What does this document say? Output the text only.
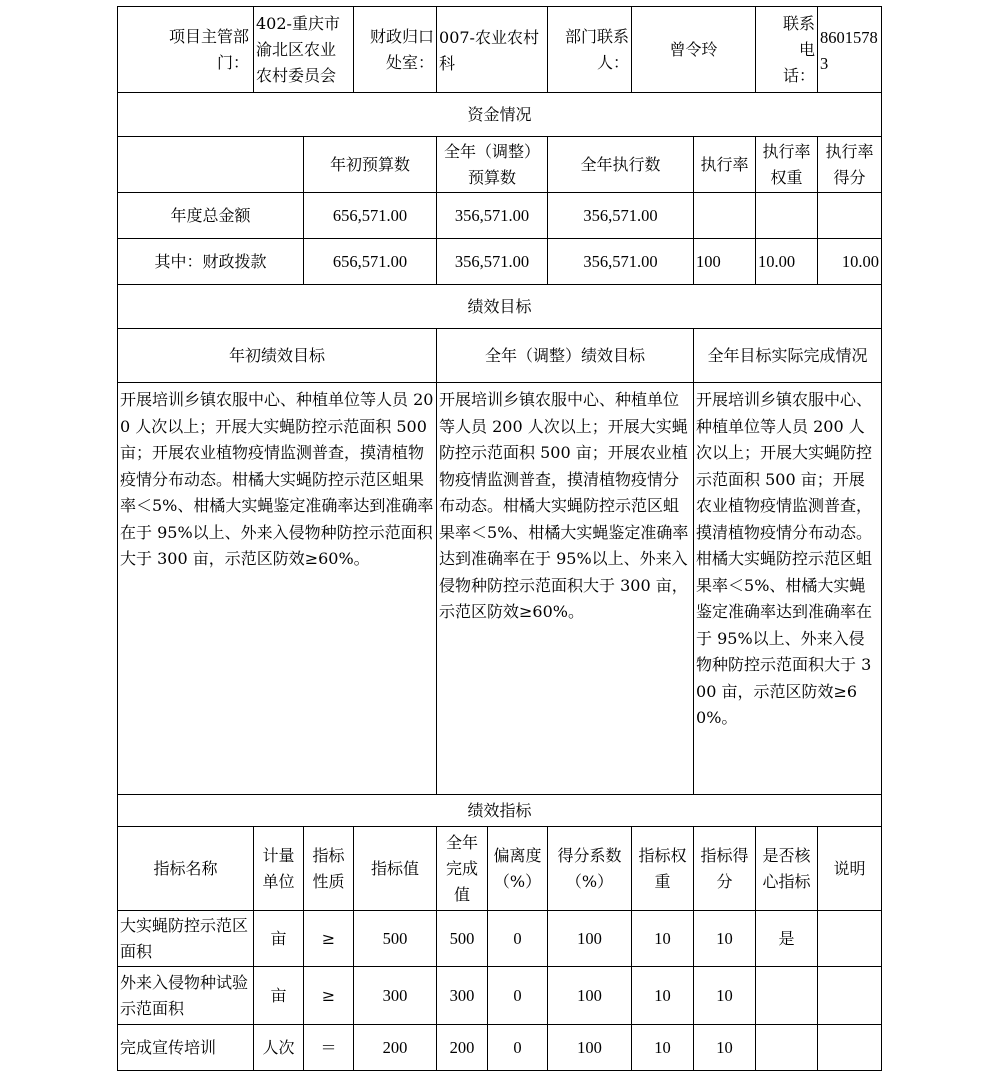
项目主管部门：	402-重庆市渝北区农业农村委员会		财政归口处室：	007-农业农村科		部门联系人：	曾令玲		联系电话：	86015783
资金情况										
		年初预算数		全年（调整）预算数		全年执行数		执行率	执行率权重	执行率得分
年度总金额		656,571.00		356,571.00		356,571.00				
其中：财政拨款		656,571.00		356,571.00		356,571.00		100	10.00	10.00
绩效目标										
年初绩效目标				全年（调整）绩效目标				全年目标实际完成情况		
开展培训乡镇农服中心、种植单位等人员 200 人次以上；开展大实蝇防控示范面积 500 亩；开展农业植物疫情监测普查，摸清植物疫情分布动态。柑橘大实蝇防控示范区蛆果率＜5%、柑橘大实蝇鉴定准确率达到准确率在于 95%以上、外来入侵物种防控示范面积大于 300 亩，示范区防效≥60%。				开展培训乡镇农服中心、种植单位等人员 200 人次以上；开展大实蝇防控示范面积 500 亩；开展农业植物疫情监测普查，摸清植物疫情分布动态。柑橘大实蝇防控示范区蛆果率＜5%、柑橘大实蝇鉴定准确率达到准确率在于 95%以上、外来入侵物种防控示范面积大于 300 亩，示范区防效≥60%。				开展培训乡镇农服中心、种植单位等人员 200 人次以上；开展大实蝇防控示范面积 500 亩；开展农业植物疫情监测普查，摸清植物疫情分布动态。柑橘大实蝇防控示范区蛆果率＜5%、柑橘大实蝇鉴定准确率达到准确率在于 95%以上、外来入侵物种防控示范面积大于 300 亩，示范区防效≥60%。		
绩效指标										
指标名称	计量单位	指标性质	指标值	全年完成值	偏离度（%）	得分系数（%）	指标权重	指标得分	是否核心指标	说明
大实蝇防控示范区面积	亩	≥	500	500	0	100	10	10	是	
外来入侵物种试验示范面积	亩	≥	300	300	0	100	10	10		
完成宣传培训	人次	＝	200	200	0	100	10	10		
